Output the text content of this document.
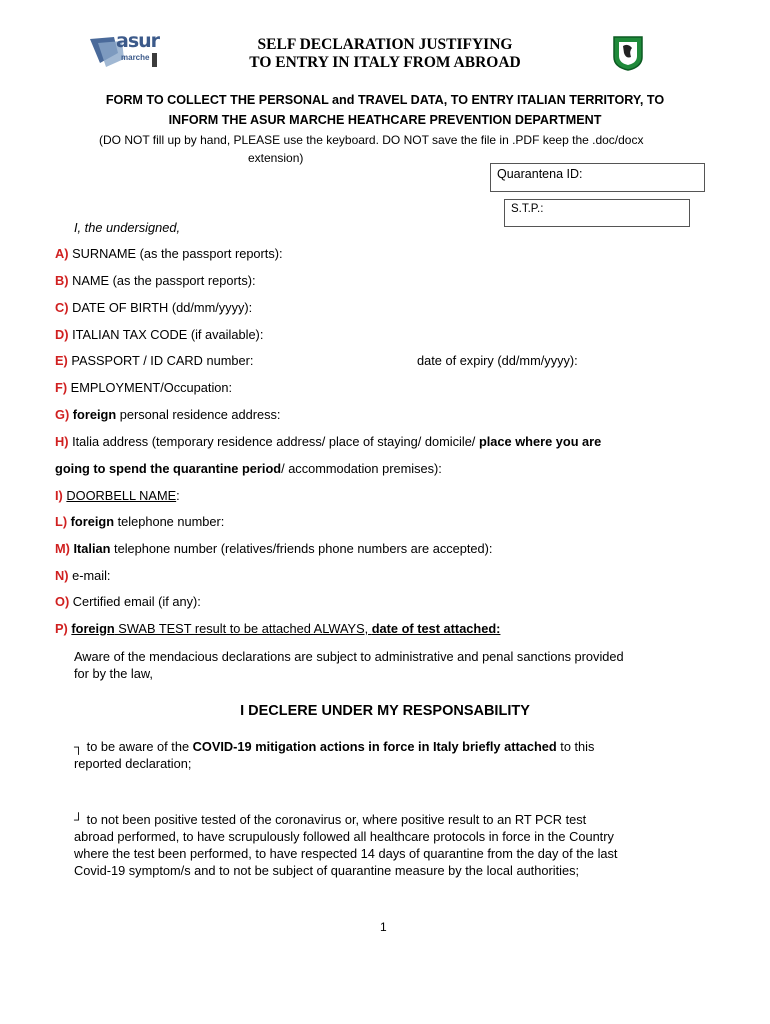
asur
marche
SELF DECLARATION JUSTIFYING
TO ENTRY IN ITALY FROM ABROAD
FORM TO COLLECT THE PERSONAL and TRAVEL DATA, TO ENTRY ITALIAN TERRITORY, TO
INFORM THE ASUR MARCHE HEATHCARE PREVENTION DEPARTMENT
(DO NOT fill up by hand, PLEASE use the keyboard. DO NOT save the file in .PDF keep the .doc/docx
extension)
Quarantena ID:
S.T.P.:
I, the undersigned,
A) SURNAME (as the passport reports):
B) NAME (as the passport reports):
C) DATE OF BIRTH (dd/mm/yyyy):
D) ITALIAN TAX CODE (if available):
E) PASSPORT / ID CARD number:	date of expiry (dd/mm/yyyy):
F) EMPLOYMENT/Occupation:
G) foreign personal residence address:
H) Italia address (temporary residence address/ place of staying/ domicile/ place where you are
going to spend the quarantine period/ accommodation premises):
I) DOORBELL NAME:
L) foreign telephone number:
M) Italian telephone number (relatives/friends phone numbers are accepted):
N) e-mail:
O) Certified email (if any):
P) foreign SWAB TEST result to be attached ALWAYS, date of test attached:
Aware of the mendacious declarations are subject to administrative and penal sanctions provided
for by the law,
I DECLERE UNDER MY RESPONSABILITY
┐ to be aware of the COVID-19 mitigation actions in force in Italy briefly attached to this
reported declaration;
┘ to not been positive tested of the coronavirus or, where positive result to an RT PCR test
abroad performed, to have scrupulously followed all healthcare protocols in force in the Country
where the test been performed, to have respected 14 days of quarantine from the day of the last
Covid-19 symptom/s and to not be subject of quarantine measure by the local authorities;
1
